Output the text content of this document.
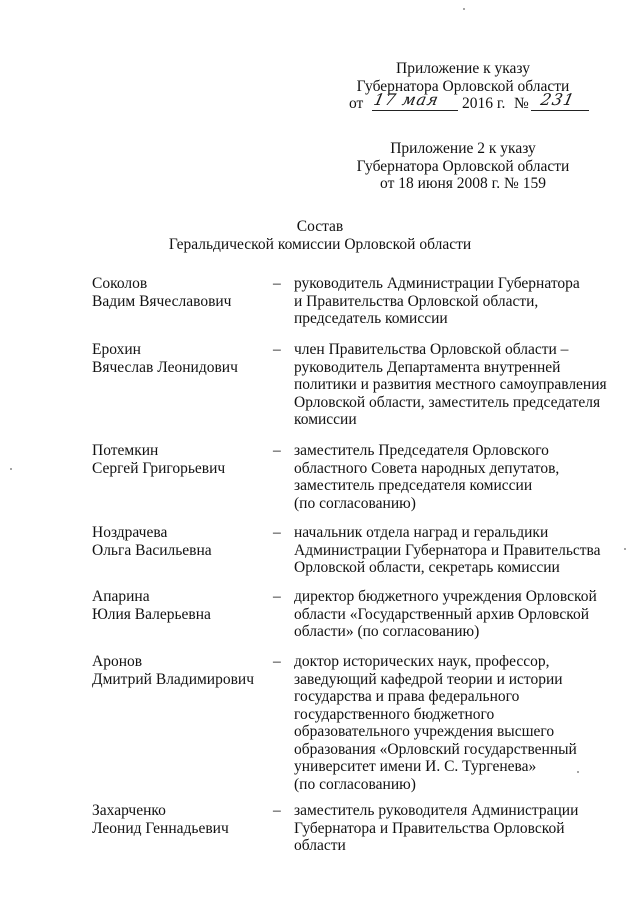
Приложение к указу
Губернатора Орловской области
от 17 мая 2016 г. № 231
Приложение 2 к указу
Губернатора Орловской области
от 18 июня 2008 г. № 159
Состав
Геральдической комиссии Орловской области
Соколов
Вадим Вячеславович
– руководитель Администрации Губернатора
и Правительства Орловской области,
председатель комиссии
Ерохин
Вячеслав Леонидович
– член Правительства Орловской области –
руководитель Департамента внутренней
политики и развития местного самоуправления
Орловской области, заместитель председателя
комиссии
Потемкин
Сергей Григорьевич
– заместитель Председателя Орловского
областного Совета народных депутатов,
заместитель председателя комиссии
(по согласованию)
Ноздрачева
Ольга Васильевна
– начальник отдела наград и геральдики
Администрации Губернатора и Правительства
Орловской области, секретарь комиссии
Апарина
Юлия Валерьевна
– директор бюджетного учреждения Орловской
области «Государственный архив Орловской
области» (по согласованию)
Аронов
Дмитрий Владимирович
– доктор исторических наук, профессор,
заведующий кафедрой теории и истории
государства и права федерального
государственного бюджетного
образовательного учреждения высшего
образования «Орловский государственный
университет имени И. С. Тургенева»
(по согласованию)
Захарченко
Леонид Геннадьевич
– заместитель руководителя Администрации
Губернатора и Правительства Орловской
области
